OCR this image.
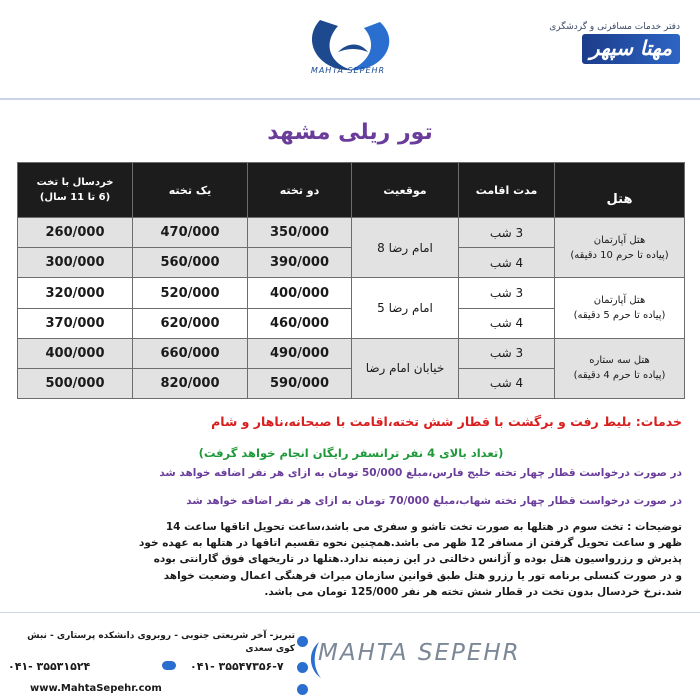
MAHTA SEPEHR
دفتر خدمات مسافرتی و گردشگری
مهتا سپهر
تور ریلی مشهد
هتل	مدت اقامت	موقعیت	دو تخته	یک تخته	خردسال با تخت
(6 تا 11 سال)

هتل آپارتمان
(پیاده تا حرم 10 دقیقه)	3 شب	امام رضا 8	350/000	470/000	260/000
	4 شب		390/000	560/000	300/000

هتل آپارتمان
(پیاده تا حرم 5 دقیقه)	3 شب	امام رضا 5	400/000	520/000	320/000
	4 شب		460/000	620/000	370/000

هتل سه ستاره
(پیاده تا حرم 4 دقیقه)	3 شب	خیابان امام رضا	490/000	660/000	400/000
	4 شب		590/000	820/000	500/000
خدمات: بلیط رفت و برگشت با قطار شش تخته،اقامت با صبحانه،ناهار و شام
(تعداد بالای 4 نفر ترانسفر رایگان انجام خواهد گرفت)
در صورت درخواست قطار چهار تخته خلیج فارس،مبلغ 50/000 تومان به ازای هر نفر اضافه خواهد شد
در صورت درخواست قطار چهار تخته شهاب،مبلغ 70/000 تومان به ازای هر نفر اضافه خواهد شد
توضیحات : تخت سوم در هتلها به صورت تخت تاشو و سفری می باشد،ساعت تحویل اتاقها ساعت 14
ظهر و ساعت تحویل گرفتن از مسافر 12 ظهر می باشد.همچنین نحوه تقسیم اتاقها در هتلها به عهده خود
پذیرش و رزرواسیون هتل بوده و آژانس دخالتی در این زمینه ندارد.هتلها در تاریخهای فوق گارانتی بوده
و در صورت کنسلی برنامه تور یا رزرو هتل طبق قوانین سازمان میراث فرهنگی اعمال وضعیت خواهد
شد.نرخ خردسال بدون تخت در قطار شش تخته هر نفر 125/000 تومان می باشد.
MAHTA SEPEHR
تبریز- آخر شریعتی جنوبی - روبروی دانشکده پرستاری - نبش کوی سعدی
۰۴۱- ۳۵۵۴۷۳۵۶-۷
۰۴۱- ۳۵۵۳۱۵۲۴
www.MahtaSepehr.com
